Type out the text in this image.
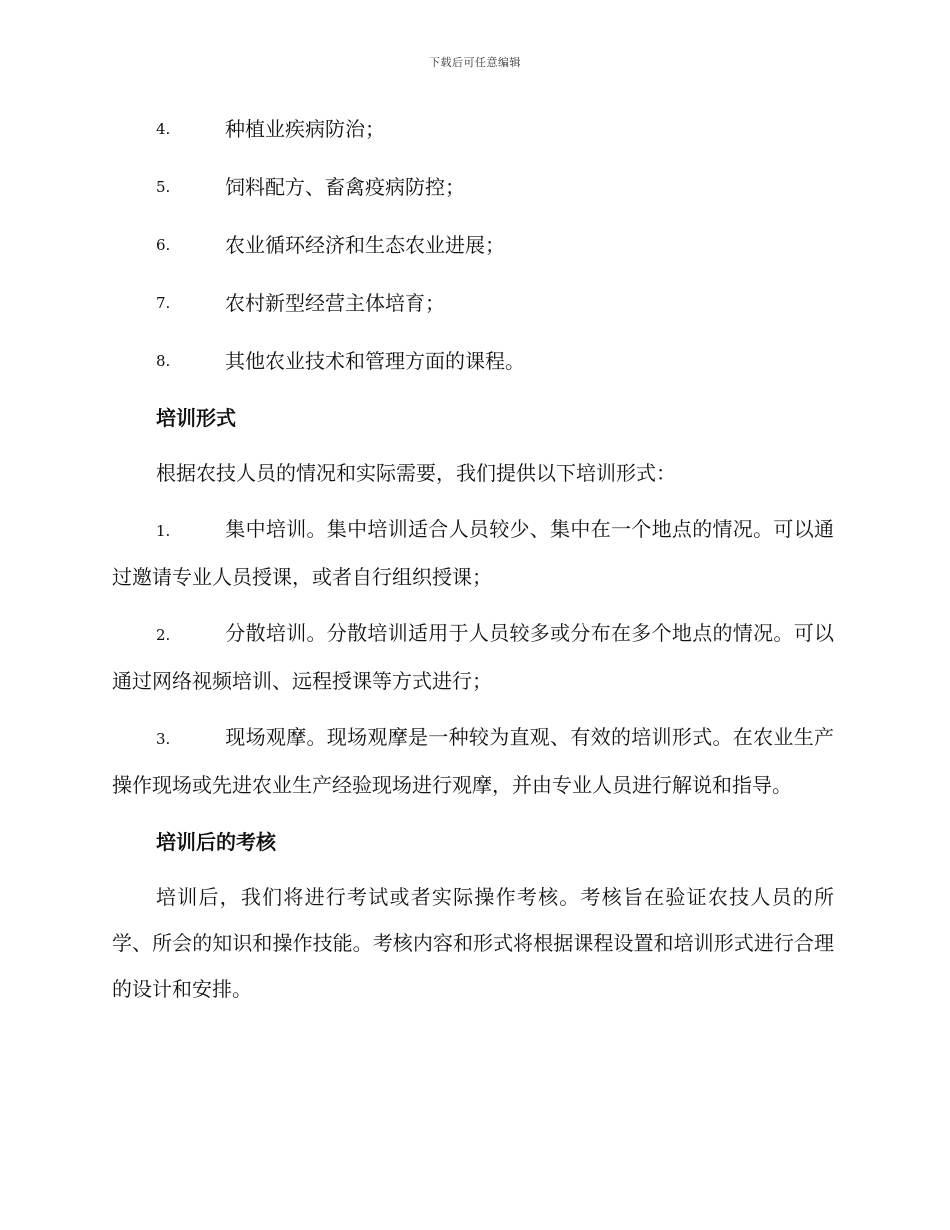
下载后可任意编辑
4.	种植业疾病防治；
5.	饲料配方、畜禽疫病防控；
6.	农业循环经济和生态农业进展；
7.	农村新型经营主体培育；
8.	其他农业技术和管理方面的课程。
培训形式
根据农技人员的情况和实际需要，我们提供以下培训形式：
1.	集中培训。集中培训适合人员较少、集中在一个地点的情况。可以通过邀请专业人员授课，或者自行组织授课；
2.	分散培训。分散培训适用于人员较多或分布在多个地点的情况。可以通过网络视频培训、远程授课等方式进行；
3.	现场观摩。现场观摩是一种较为直观、有效的培训形式。在农业生产操作现场或先进农业生产经验现场进行观摩，并由专业人员进行解说和指导。
培训后的考核
培训后，我们将进行考试或者实际操作考核。考核旨在验证农技人员的所学、所会的知识和操作技能。考核内容和形式将根据课程设置和培训形式进行合理的设计和安排。
